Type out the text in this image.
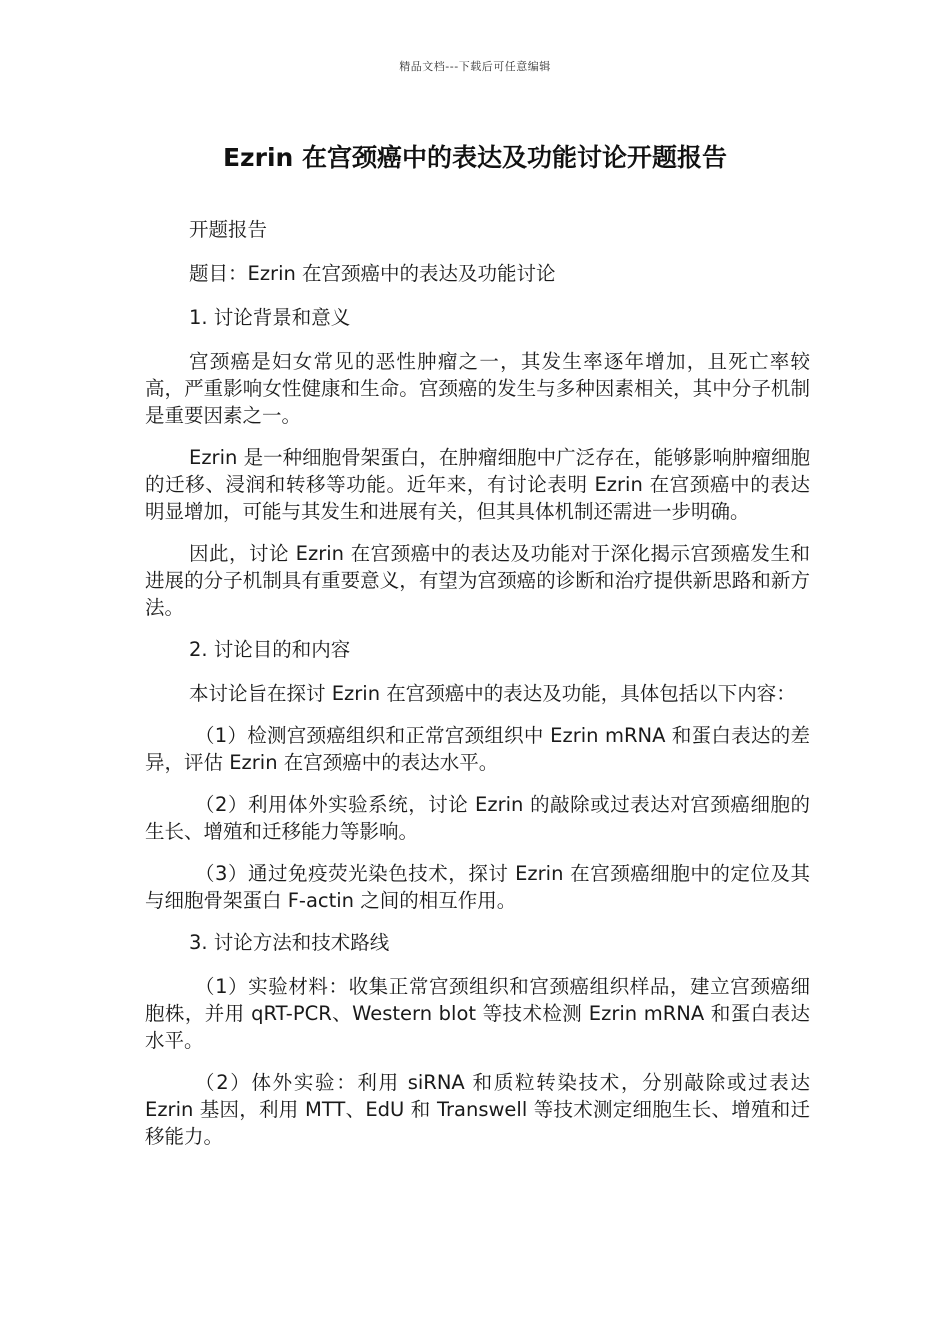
精品文档---下载后可任意编辑
Ezrin 在宫颈癌中的表达及功能讨论开题报告

开题报告

题目：Ezrin 在宫颈癌中的表达及功能讨论

1. 讨论背景和意义

宫颈癌是妇女常见的恶性肿瘤之一，其发生率逐年增加，且死亡率较高，严重影响女性健康和生命。宫颈癌的发生与多种因素相关，其中分子机制是重要因素之一。

Ezrin 是一种细胞骨架蛋白，在肿瘤细胞中广泛存在，能够影响肿瘤细胞的迁移、浸润和转移等功能。近年来，有讨论表明 Ezrin 在宫颈癌中的表达明显增加，可能与其发生和进展有关，但其具体机制还需进一步明确。

因此，讨论 Ezrin 在宫颈癌中的表达及功能对于深化揭示宫颈癌发生和进展的分子机制具有重要意义，有望为宫颈癌的诊断和治疗提供新思路和新方法。

2. 讨论目的和内容

本讨论旨在探讨 Ezrin 在宫颈癌中的表达及功能，具体包括以下内容：

（1）检测宫颈癌组织和正常宫颈组织中 Ezrin mRNA 和蛋白表达的差异，评估 Ezrin 在宫颈癌中的表达水平。

（2）利用体外实验系统，讨论 Ezrin 的敲除或过表达对宫颈癌细胞的生长、增殖和迁移能力等影响。

（3）通过免疫荧光染色技术，探讨 Ezrin 在宫颈癌细胞中的定位及其与细胞骨架蛋白 F-actin 之间的相互作用。

3. 讨论方法和技术路线

（1）实验材料：收集正常宫颈组织和宫颈癌组织样品，建立宫颈癌细胞株，并用 qRT-PCR、Western blot 等技术检测 Ezrin mRNA 和蛋白表达水平。

（2）体外实验：利用 siRNA 和质粒转染技术，分别敲除或过表达 Ezrin 基因，利用 MTT、EdU 和 Transwell 等技术测定细胞生长、增殖和迁移能力。
